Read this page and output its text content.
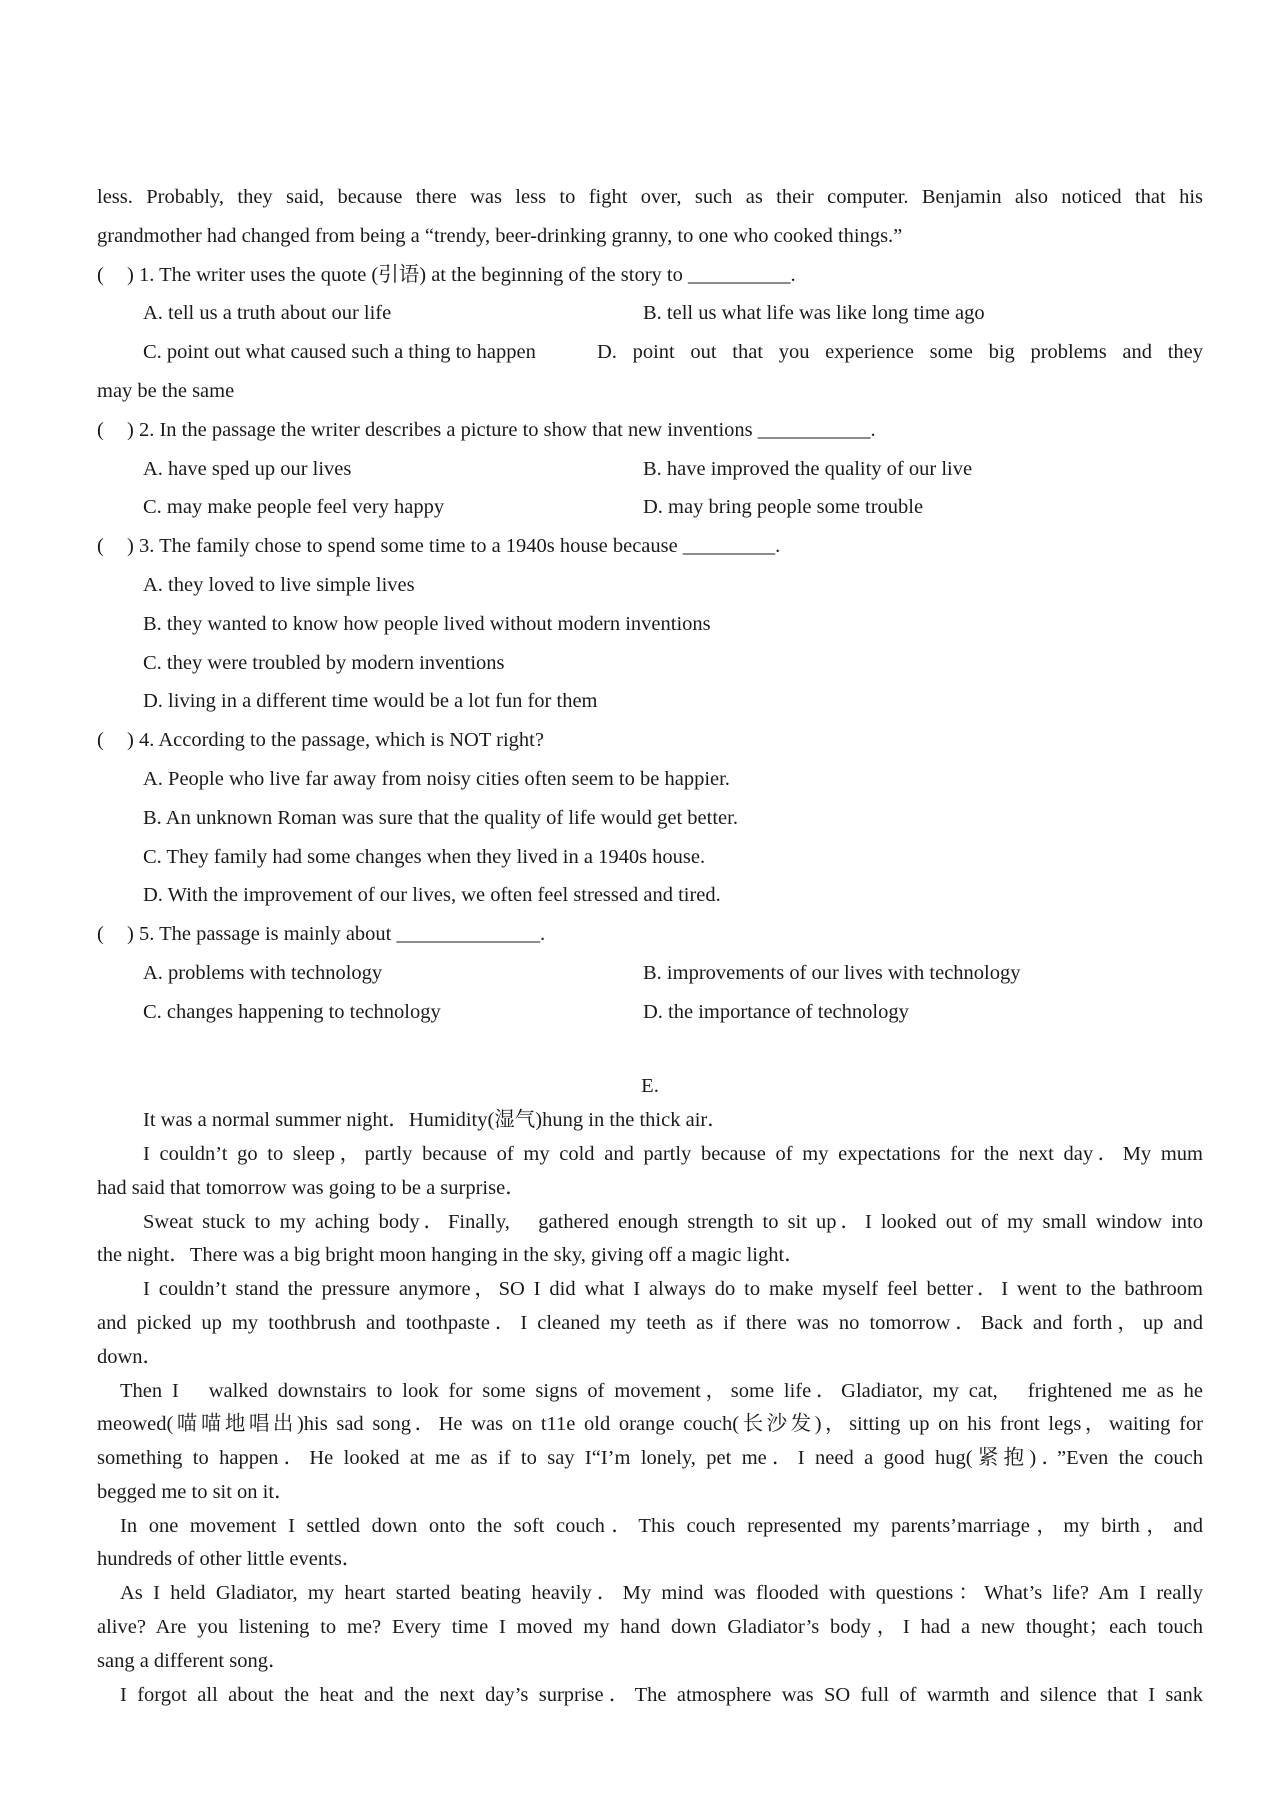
less. Probably, they said, because there was less to fight over, such as their computer. Benjamin also noticed that his
grandmother had changed from being a “trendy, beer-drinking granny, to one who cooked things.”
( ) 1. The writer uses the quote (引语) at the beginning of the story to __________.
A. tell us a truth about our life	B. tell us what life was like long time ago
C. point out what caused such a thing to happen	D. point out that you experience some big problems and they
may be the same
( ) 2. In the passage the writer describes a picture to show that new inventions ___________.
A. have sped up our lives	B. have improved the quality of our live
C. may make people feel very happy	D. may bring people some trouble
( ) 3. The family chose to spend some time to a 1940s house because _________.
A. they loved to live simple lives
B. they wanted to know how people lived without modern inventions
C. they were troubled by modern inventions
D. living in a different time would be a lot fun for them
( ) 4. According to the passage, which is NOT right?
A. People who live far away from noisy cities often seem to be happier.
B. An unknown Roman was sure that the quality of life would get better.
C. They family had some changes when they lived in a 1940s house.
D. With the improvement of our lives, we often feel stressed and tired.
( ) 5. The passage is mainly about ______________.
A. problems with technology	B. improvements of our lives with technology
C. changes happening to technology	D. the importance of technology
E.
It was a normal summer night．Humidity(湿气)hung in the thick air．
I couldn’t go to sleep，partly because of my cold and partly because of my expectations for the next day．My mum
had said that tomorrow was going to be a surprise．
Sweat stuck to my aching body．Finally,　gathered enough strength to sit up．I looked out of my small window into
the night．There was a big bright moon hanging in the sky, giving off a magic light．
I couldn’t stand the pressure anymore，SO I did what I always do to make myself feel better．I went to the bathroom
and picked up my toothbrush and toothpaste．I cleaned my teeth as if there was no tomorrow．Back and forth，up and
down．
Then I　walked downstairs to look for some signs of movement，some life．Gladiator, my cat,　frightened me as he
meowed(喵喵地唱出)his sad song．He was on t11e old orange couch(长沙发)，sitting up on his front legs，waiting for
something to happen．He looked at me as if to say I“I’m lonely, pet me．I need a good hug(紧抱)．”Even the couch
begged me to sit on it．
In one movement I settled down onto the soft couch．This couch represented my parents’marriage，my birth，and
hundreds of other little events．
As I held Gladiator, my heart started beating heavily．My mind was flooded with questions：What’s life? Am I really
alive? Are you listening to me? Every time I moved my hand down Gladiator’s body，I had a new thought；each touch
sang a different song．
I forgot all about the heat and the next day’s surprise．The atmosphere was SO full of warmth and silence that I sank
